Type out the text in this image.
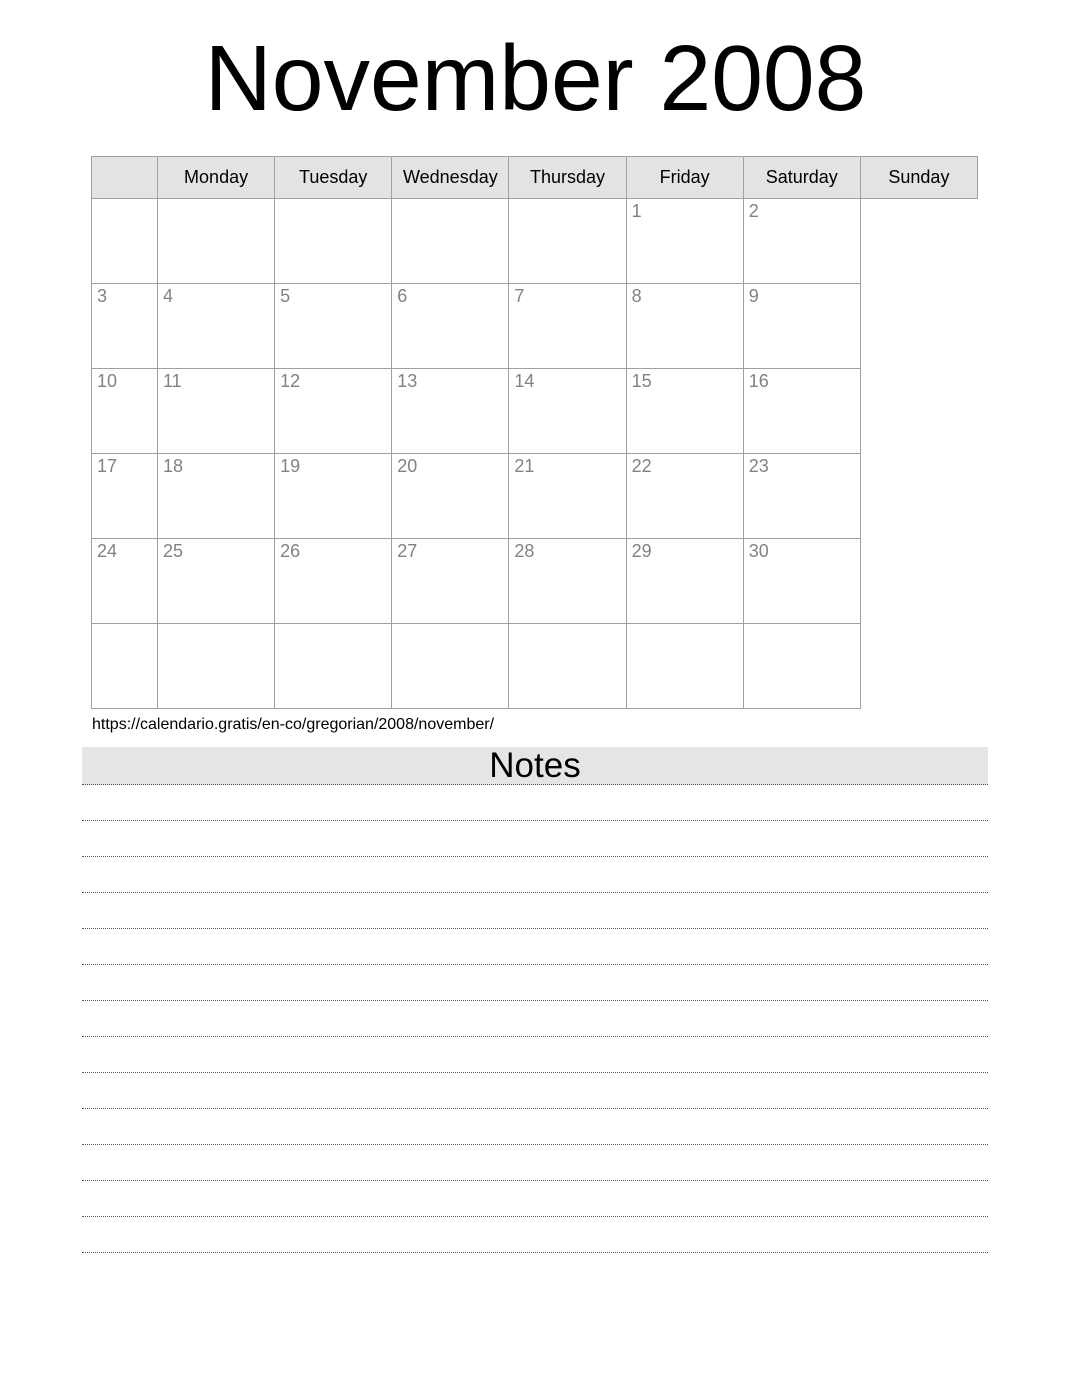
November 2008
	Monday	Tuesday	Wednesday	Thursday	Friday	Saturday	Sunday

					1	2	

3	4	5	6	7	8	9	

10	11	12	13	14	15	16	

17	18	19	20	21	22	23	

24	25	26	27	28	29	30	

https://calendario.gratis/en-co/gregorian/2008/november/
Notes
